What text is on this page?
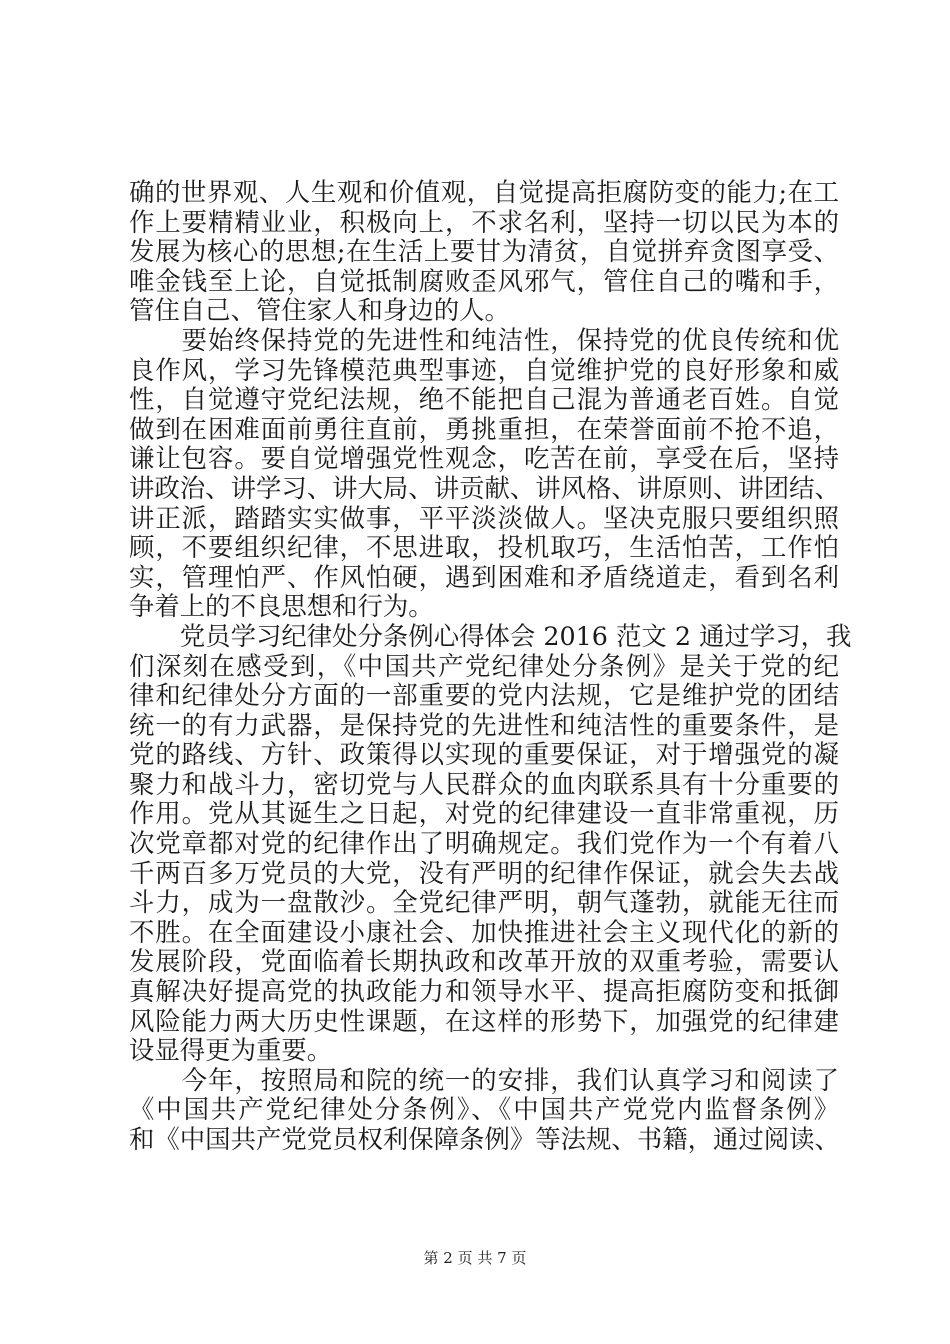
确的世界观、人生观和价值观，自觉提高拒腐防变的能力;在工
作上要精精业业，积极向上，不求名利，坚持一切以民为本的
发展为核心的思想;在生活上要甘为清贫，自觉拼弃贪图享受、
唯金钱至上论，自觉抵制腐败歪风邪气，管住自己的嘴和手，
管住自己、管住家人和身边的人。
　　要始终保持党的先进性和纯洁性，保持党的优良传统和优
良作风，学习先锋模范典型事迹，自觉维护党的良好形象和威
性，自觉遵守党纪法规，绝不能把自己混为普通老百姓。自觉
做到在困难面前勇往直前，勇挑重担，在荣誉面前不抢不追，
谦让包容。要自觉增强党性观念，吃苦在前，享受在后，坚持
讲政治、讲学习、讲大局、讲贡献、讲风格、讲原则、讲团结、
讲正派，踏踏实实做事，平平淡淡做人。坚决克服只要组织照
顾，不要组织纪律，不思进取，投机取巧，生活怕苦，工作怕
实，管理怕严、作风怕硬，遇到困难和矛盾绕道走，看到名利
争着上的不良思想和行为。
　　党员学习纪律处分条例心得体会 2016 范文 2 通过学习，我
们深刻在感受到，《中国共产党纪律处分条例》是关于党的纪
律和纪律处分方面的一部重要的党内法规，它是维护党的团结
统一的有力武器，是保持党的先进性和纯洁性的重要条件，是
党的路线、方针、政策得以实现的重要保证，对于增强党的凝
聚力和战斗力，密切党与人民群众的血肉联系具有十分重要的
作用。党从其诞生之日起，对党的纪律建设一直非常重视，历
次党章都对党的纪律作出了明确规定。我们党作为一个有着八
千两百多万党员的大党，没有严明的纪律作保证，就会失去战
斗力，成为一盘散沙。全党纪律严明，朝气蓬勃，就能无往而
不胜。在全面建设小康社会、加快推进社会主义现代化的新的
发展阶段，党面临着长期执政和改革开放的双重考验，需要认
真解决好提高党的执政能力和领导水平、提高拒腐防变和抵御
风险能力两大历史性课题，在这样的形势下，加强党的纪律建
设显得更为重要。
　　今年，按照局和院的统一的安排，我们认真学习和阅读了
《中国共产党纪律处分条例》、《中国共产党党内监督条例》
和《中国共产党党员权利保障条例》等法规、书籍，通过阅读、
第 2 页 共 7 页
